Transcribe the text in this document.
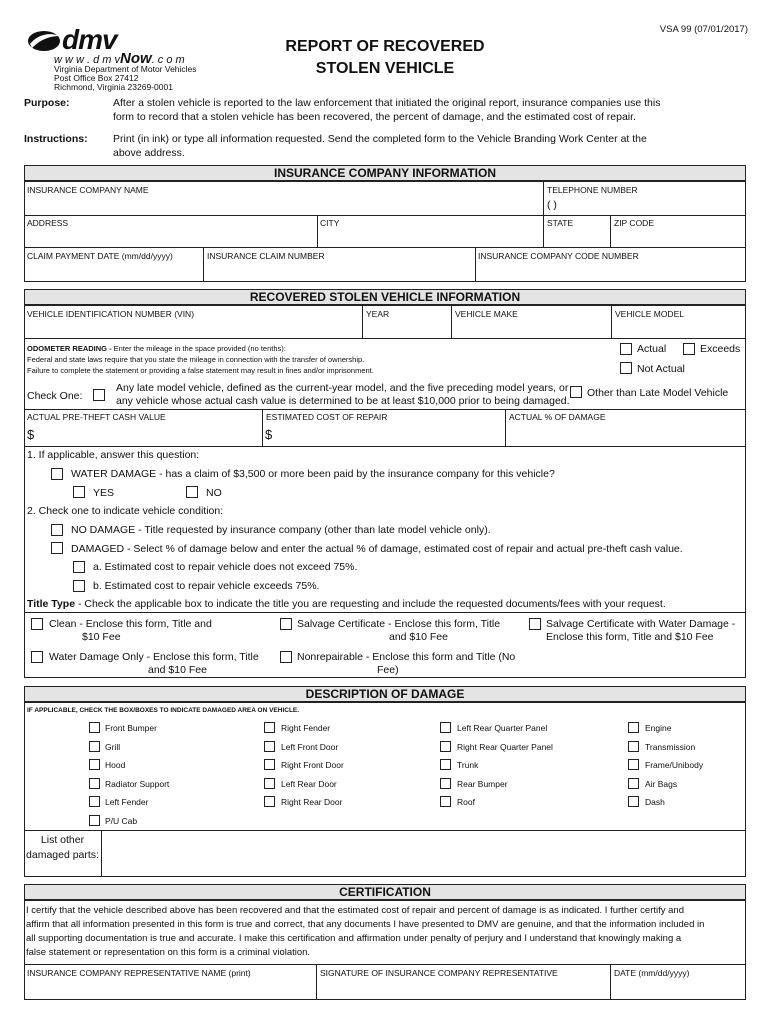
VSA 99 (07/01/2017)
dmv
w w w . d m vNow. c o m
Virginia Department of Motor Vehicles
Post Office Box 27412
Richmond, Virginia 23269-0001
REPORT OF RECOVERED
STOLEN VEHICLE
Purpose:	After a stolen vehicle is reported to the law enforcement that initiated the original report, insurance companies use this
form to record that a stolen vehicle has been recovered, the percent of damage, and the estimated cost of repair.
Instructions: Print (in ink) or type all information requested. Send the completed form to the Vehicle Branding Work Center at the
above address.
INSURANCE COMPANY INFORMATION
INSURANCE COMPANY NAME	TELEPHONE NUMBER
( )
ADDRESS	CITY	STATE	ZIP CODE
CLAIM PAYMENT DATE (mm/dd/yyyy)	INSURANCE CLAIM NUMBER	INSURANCE COMPANY CODE NUMBER
RECOVERED STOLEN VEHICLE INFORMATION
VEHICLE IDENTIFICATION NUMBER (VIN)	YEAR	VEHICLE MAKE	VEHICLE MODEL
ODOMETER READING - Enter the mileage in the space provided (no tenths):
Federal and state laws require that you state the mileage in connection with the transfer of ownership.
Failure to complete the statement or providing a false statement may result in fines and/or imprisonment.
Actual	Exceeds
Not Actual
Check One:
Any late model vehicle, defined as the current-year model, and the five preceding model years, or
any vehicle whose actual cash value is determined to be at least $10,000 prior to being damaged.
Other than Late Model Vehicle
ACTUAL PRE-THEFT CASH VALUE	ESTIMATED COST OF REPAIR	ACTUAL % OF DAMAGE
$	$
1. If applicable, answer this question:
WATER DAMAGE - has a claim of $3,500 or more been paid by the insurance company for this vehicle?
YES	NO
2. Check one to indicate vehicle condition:
NO DAMAGE - Title requested by insurance company (other than late model vehicle only).
DAMAGED - Select % of damage below and enter the actual % of damage, estimated cost of repair and actual pre-theft cash value.
a. Estimated cost to repair vehicle does not exceed 75%.
b. Estimated cost to repair vehicle exceeds 75%.
Title Type - Check the applicable box to indicate the title you are requesting and include the requested documents/fees with your request.
Clean - Enclose this form, Title and
$10 Fee
Salvage Certificate - Enclose this form, Title
and $10 Fee
Salvage Certificate with Water Damage -
Enclose this form, Title and $10 Fee
Water Damage Only - Enclose this form, Title
and $10 Fee
Nonrepairable - Enclose this form and Title (No
Fee)
DESCRIPTION OF DAMAGE
IF APPLICABLE, CHECK THE BOX/BOXES TO INDICATE DAMAGED AREA ON VEHICLE.
Front Bumper
Grill
Hood
Radiator Support
Left Fender
P/U Cab
Right Fender
Left Front Door
Right Front Door
Left Rear Door
Right Rear Door
Left Rear Quarter Panel
Right Rear Quarter Panel
Trunk
Rear Bumper
Roof
Engine
Transmission
Frame/Unibody
Air Bags
Dash
List other
damaged parts:
CERTIFICATION
I certify that the vehicle described above has been recovered and that the estimated cost of repair and percent of damage is as indicated. I further certify and
affirm that all information presented in this form is true and correct, that any documents I have presented to DMV are genuine, and that the information included in
all supporting documentation is true and accurate. I make this certification and affirmation under penalty of perjury and I understand that knowingly making a
false statement or representation on this form is a criminal violation.
INSURANCE COMPANY REPRESENTATIVE NAME (print)	SIGNATURE OF INSURANCE COMPANY REPRESENTATIVE	DATE (mm/dd/yyyy)
